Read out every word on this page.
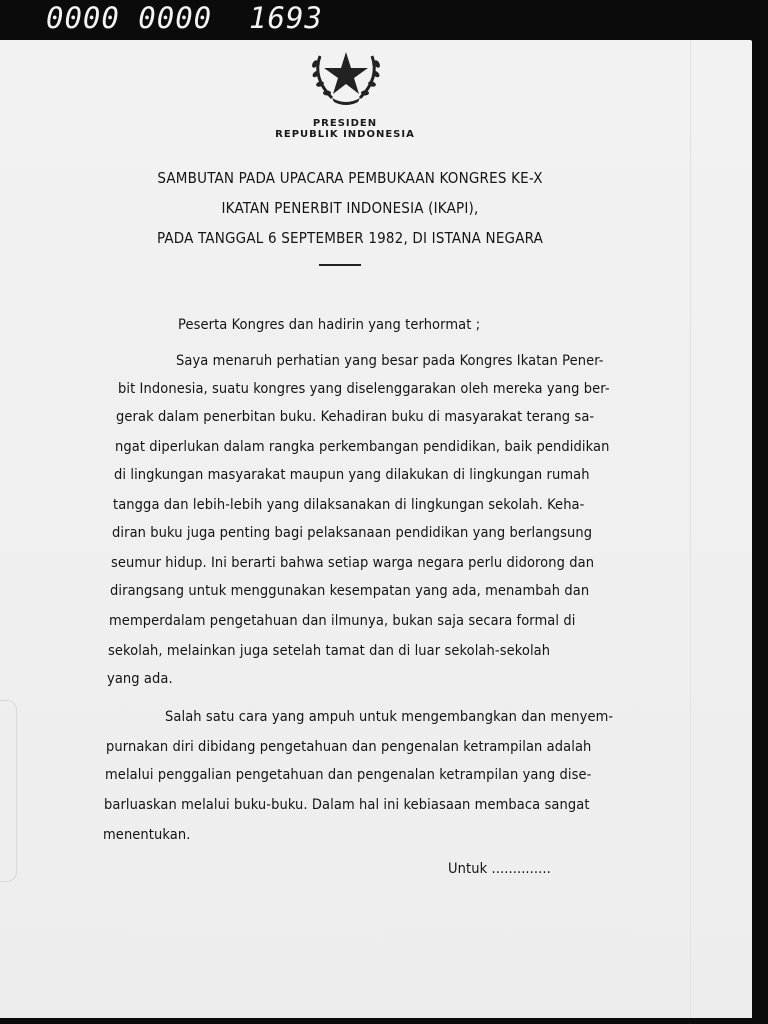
0000 0000  1693
PRESIDEN
REPUBLIK INDONESIA
SAMBUTAN PADA UPACARA PEMBUKAAN KONGRES KE-X
IKATAN PENERBIT INDONESIA (IKAPI),
PADA TANGGAL 6 SEPTEMBER 1982, DI ISTANA NEGARA
Peserta Kongres dan hadirin yang terhormat ;
Saya menaruh perhatian yang besar pada Kongres Ikatan Pener-
bit Indonesia, suatu kongres yang diselenggarakan oleh mereka yang ber-
gerak dalam penerbitan buku. Kehadiran buku di masyarakat terang sa-
ngat diperlukan dalam rangka perkembangan pendidikan, baik pendidikan
di lingkungan masyarakat maupun yang dilakukan di lingkungan rumah
tangga dan lebih-lebih yang dilaksanakan di lingkungan sekolah. Keha-
diran buku juga penting bagi pelaksanaan pendidikan yang berlangsung
seumur hidup. Ini berarti bahwa setiap warga negara perlu didorong dan
dirangsang untuk menggunakan kesempatan yang ada, menambah dan
memperdalam pengetahuan dan ilmunya, bukan saja secara formal di
sekolah, melainkan juga setelah tamat dan di luar sekolah-sekolah
yang ada.
Salah satu cara yang ampuh untuk mengembangkan dan menyem-
purnakan diri dibidang pengetahuan dan pengenalan ketrampilan adalah
melalui penggalian pengetahuan dan pengenalan ketrampilan yang dise-
barluaskan melalui buku-buku. Dalam hal ini kebiasaan membaca sangat
menentukan.
Untuk ..............
